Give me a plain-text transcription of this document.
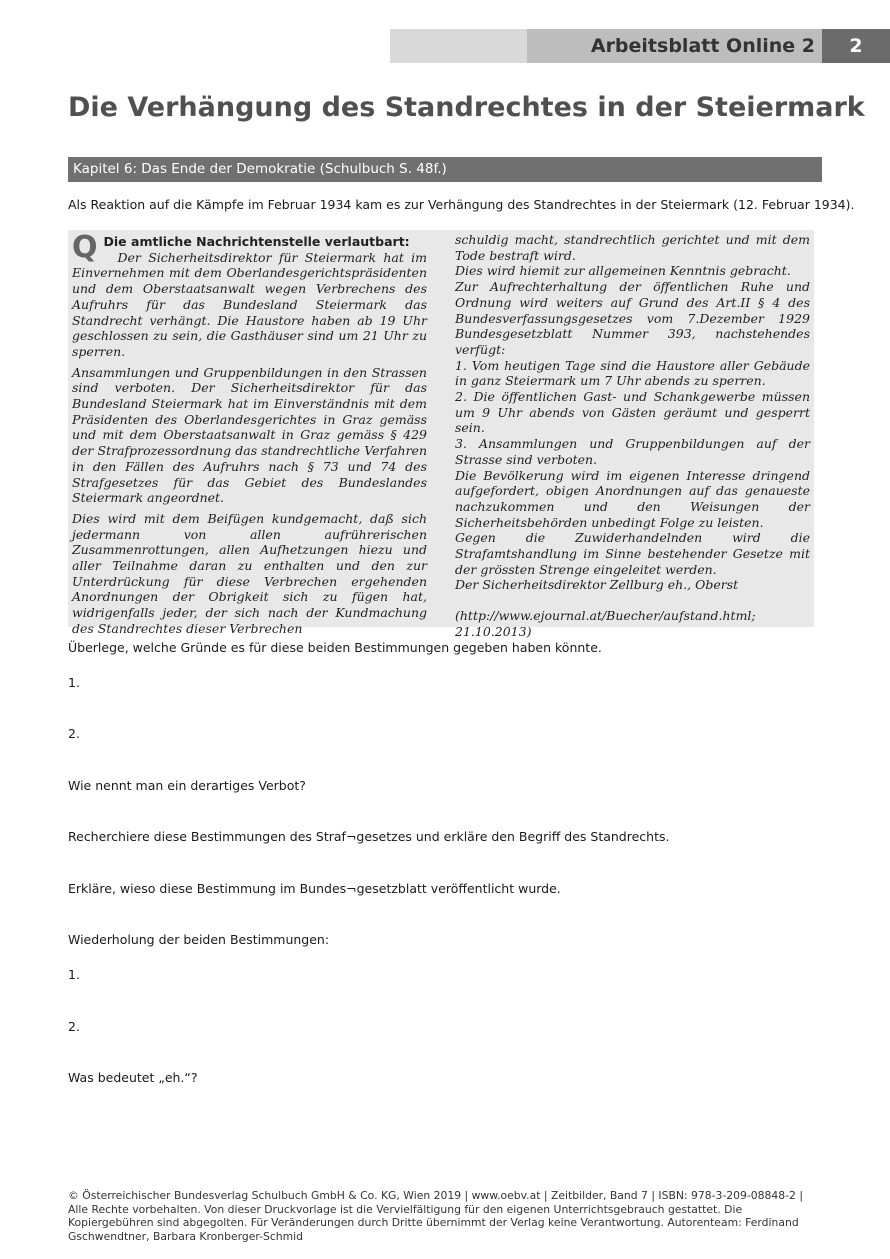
Arbeitsblatt Online 2	2
Die Verhängung des Standrechtes in der Steiermark
Kapitel 6: Das Ende der Demokratie (Schulbuch S. 48f.)
Als Reaktion auf die Kämpfe im Februar 1934 kam es zur Verhängung des Standrechtes in der Steiermark (12. Februar 1934).
Q Die amtliche Nachrichtenstelle verlautbart:

Der Sicherheitsdirektor für Steiermark hat im Einvernehmen mit dem Oberlandesgerichtspräsidenten und dem Oberstaatsanwalt wegen Verbrechens des Aufruhrs für das Bundesland Steiermark das Standrecht verhängt. Die Haustore haben ab 19 Uhr geschlossen zu sein, die Gasthäuser sind um 21 Uhr zu sperren.

Ansammlungen und Gruppenbildungen in den Strassen sind verboten. Der Sicherheitsdirektor für das Bundesland Steiermark hat im Einverständnis mit dem Präsidenten des Oberlandesgerichtes in Graz gemäss und mit dem Oberstaatsanwalt in Graz gemäss § 429 der Strafprozessordnung das standrechtliche Verfahren in den Fällen des Aufruhrs nach § 73 und 74 des Strafgesetzes für das Gebiet des Bundeslandes Steiermark angeordnet.

Dies wird mit dem Beifügen kundgemacht, daß sich jedermann von allen aufrührerischen Zusammenrottungen, allen Aufhetzungen hiezu und aller Teilnahme daran zu enthalten und den zur Unterdrückung für diese Verbrechen ergehenden Anordnungen der Obrigkeit sich zu fügen hat, widrigenfalls jeder, der sich nach der Kundmachung des Standrechtes dieser Verbrechen

schuldig macht, standrechtlich gerichtet und mit dem Tode bestraft wird.

Dies wird hiemit zur allgemeinen Kenntnis gebracht.

Zur Aufrechterhaltung der öffentlichen Ruhe und Ordnung wird weiters auf Grund des Art.II § 4 des Bundesverfassungsgesetzes vom 7.Dezember 1929 Bundesgesetzblatt Nummer 393, nachstehendes verfügt:

1. Vom heutigen Tage sind die Haustore aller Gebäude in ganz Steiermark um 7 Uhr abends zu sperren.

2. Die öffentlichen Gast- und Schankgewerbe müssen um 9 Uhr abends von Gästen geräumt und gesperrt sein.

3. Ansammlungen und Gruppenbildungen auf der Strasse sind verboten.

Die Bevölkerung wird im eigenen Interesse dringend aufgefordert, obigen Anordnungen auf das genaueste nachzukommen und den Weisungen der Sicherheitsbehörden unbedingt Folge zu leisten.

Gegen die Zuwiderhandelnden wird die Strafamtshandlung im Sinne bestehender Gesetze mit der grössten Strenge eingeleitet werden.

Der Sicherheitsdirektor Zellburg eh., Oberst

(http://www.ejournal.at/Buecher/aufstand.html; 21.10.2013)

Überlege, welche Gründe es für diese beiden Bestimmungen gegeben haben könnte.
1.
2.
Wie nennt man ein derartiges Verbot?
Recherchiere diese Bestimmungen des Straf¬gesetzes und erkläre den Begriff des Standrechts.
Erkläre, wieso diese Bestimmung im Bundes¬gesetzblatt veröffentlicht wurde.
Wiederholung der beiden Bestimmungen:
1.
2.
Was bedeutet „eh.“?
© Österreichischer Bundesverlag Schulbuch GmbH & Co. KG, Wien 2019 | www.oebv.at | Zeitbilder, Band 7 | ISBN: 978-3-209-08848-2 | Alle Rechte vorbehalten. Von dieser Druckvorlage ist die Vervielfältigung für den eigenen Unterrichtsgebrauch gestattet. Die Kopiergebühren sind abgegolten. Für Veränderungen durch Dritte übernimmt der Verlag keine Verantwortung. Autorenteam: Ferdinand Gschwendtner, Barbara Kronberger-Schmid
